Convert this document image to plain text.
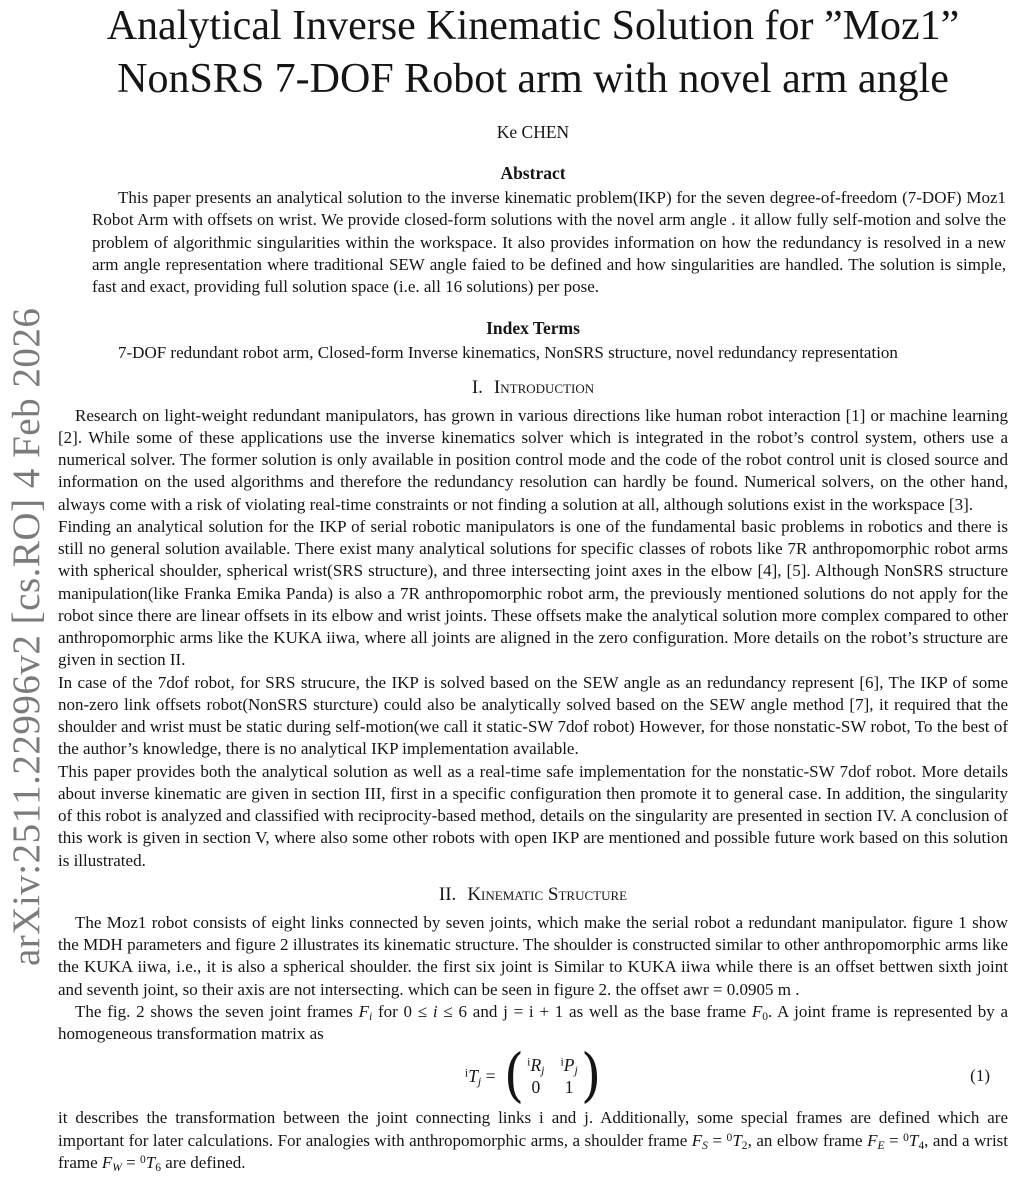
arXiv:2511.22996v2 [cs.RO] 4 Feb 2026
Analytical Inverse Kinematic Solution for ”Moz1”
NonSRS 7-DOF Robot arm with novel arm angle
Ke CHEN
Abstract

This paper presents an analytical solution to the inverse kinematic problem(IKP) for the seven degree-of-freedom (7-DOF) Moz1 Robot Arm with offsets on wrist. We provide closed-form solutions with the novel arm angle . it allow fully self-motion and solve the problem of algorithmic singularities within the workspace. It also provides information on how the redundancy is resolved in a new arm angle representation where traditional SEW angle faied to be defined and how singularities are handled. The solution is simple, fast and exact, providing full solution space (i.e. all 16 solutions) per pose.

Index Terms

7-DOF redundant robot arm, Closed-form Inverse kinematics, NonSRS structure, novel redundancy representation

I. Introduction

Research on light-weight redundant manipulators, has grown in various directions like human robot interaction [1] or machine learning [2]. While some of these applications use the inverse kinematics solver which is integrated in the robot’s control system, others use a numerical solver. The former solution is only available in position control mode and the code of the robot control unit is closed source and information on the used algorithms and therefore the redundancy resolution can hardly be found. Numerical solvers, on the other hand, always come with a risk of violating real-time constraints or not finding a solution at all, although solutions exist in the workspace [3].

Finding an analytical solution for the IKP of serial robotic manipulators is one of the fundamental basic problems in robotics and there is still no general solution available. There exist many analytical solutions for specific classes of robots like 7R anthropomorphic robot arms with spherical shoulder, spherical wrist(SRS structure), and three intersecting joint axes in the elbow [4], [5]. Although NonSRS structure manipulation(like Franka Emika Panda) is also a 7R anthropomorphic robot arm, the previously mentioned solutions do not apply for the robot since there are linear offsets in its elbow and wrist joints. These offsets make the analytical solution more complex compared to other anthropomorphic arms like the KUKA iiwa, where all joints are aligned in the zero configuration. More details on the robot’s structure are given in section II.

In case of the 7dof robot, for SRS strucure, the IKP is solved based on the SEW angle as an redundancy represent [6], The IKP of some non-zero link offsets robot(NonSRS sturcture) could also be analytically solved based on the SEW angle method [7], it required that the shoulder and wrist must be static during self-motion(we call it static-SW 7dof robot) However, for those nonstatic-SW robot, To the best of the author’s knowledge, there is no analytical IKP implementation available.

This paper provides both the analytical solution as well as a real-time safe implementation for the nonstatic-SW 7dof robot. More details about inverse kinematic are given in section III, first in a specific configuration then promote it to general case. In addition, the singularity of this robot is analyzed and classified with reciprocity-based method, details on the singularity are presented in section IV. A conclusion of this work is given in section V, where also some other robots with open IKP are mentioned and possible future work based on this solution is illustrated.

II. Kinematic Structure

The Moz1 robot consists of eight links connected by seven joints, which make the serial robot a redundant manipulator. figure 1 show the MDH parameters and figure 2 illustrates its kinematic structure. The shoulder is constructed similar to other anthropomorphic arms like the KUKA iiwa, i.e., it is also a spherical shoulder. the first six joint is Similar to KUKA iiwa while there is an offset bettwen sixth joint and seventh joint, so their axis are not intersecting. which can be seen in figure 2. the offset awr = 0.0905 m .

The fig. 2 shows the seven joint frames $F_i$ for 0 ≤ i ≤ 6 and j = i + 1 as well as the base frame $F_0$. A joint frame is represented by a homogeneous transformation matrix as

$^iT_j$ = ( $^iR_j$
$^iP_j$
0 1 )	(1)

it describes the transformation between the joint connecting links i and j. Additionally, some special frames are defined which are important for later calculations. For analogies with anthropomorphic arms, a shoulder frame $F_S = ^0T_2$, an elbow frame $F_E = ^0T_4$, and a wrist frame $F_W = ^0T_6$ are defined.
